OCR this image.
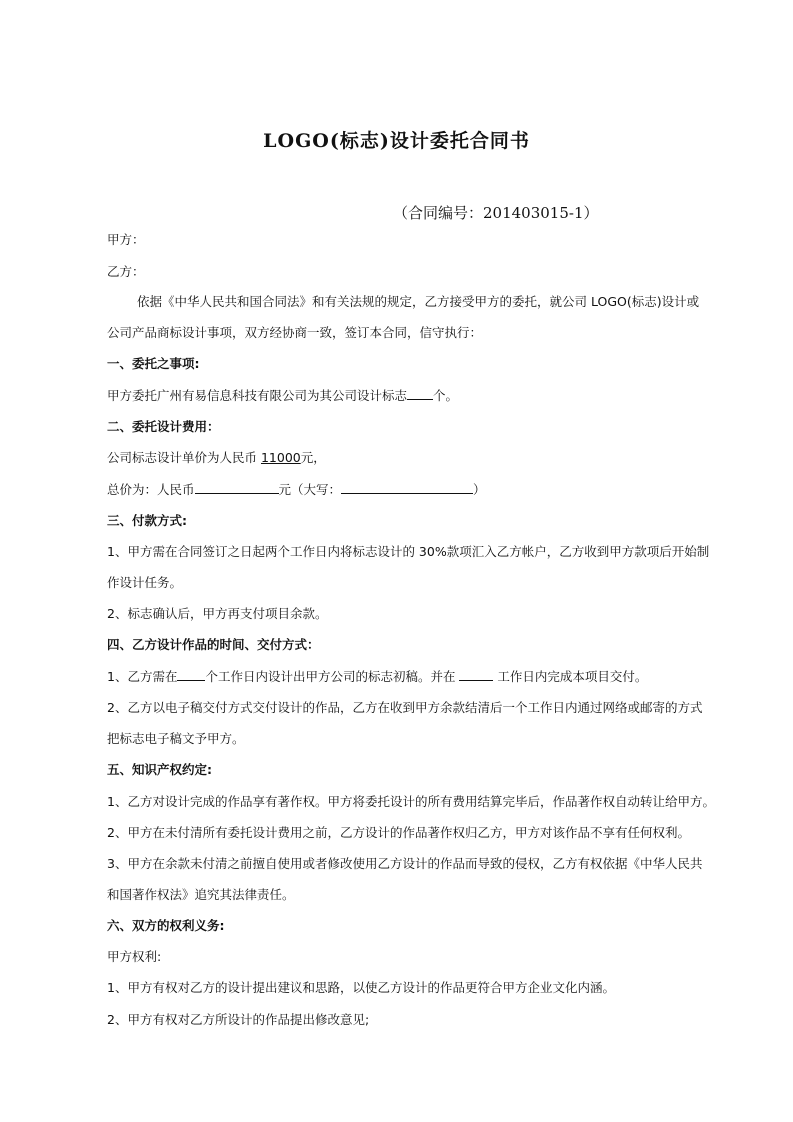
LOGO(标志)设计委托合同书
（合同编号：201403015-1）
甲方：
乙方：
依据《中华人民共和国合同法》和有关法规的规定，乙方接受甲方的委托，就公司 LOGO(标志)设计或
公司产品商标设计事项，双方经协商一致，签订本合同，信守执行：
一、委托之事项:
甲方委托广州有易信息科技有限公司为其公司设计标志 个。
二、委托设计费用：
公司标志设计单价为人民币 11000元，
总价为：人民币	元（大写：	）
三、付款方式:
1、甲方需在合同签订之日起两个工作日内将标志设计的 30%款项汇入乙方帐户，乙方收到甲方款项后开始制
作设计任务。
2、标志确认后，甲方再支付项目余款。
四、乙方设计作品的时间、交付方式：
1、乙方需在 个工作日内设计出甲方公司的标志初稿。并在	工作日内完成本项目交付。
2、乙方以电子稿交付方式交付设计的作品，乙方在收到甲方余款结清后一个工作日内通过网络或邮寄的方式
把标志电子稿文予甲方。
五、知识产权约定:
1、乙方对设计完成的作品享有著作权。甲方将委托设计的所有费用结算完毕后，作品著作权自动转让给甲方。
2、甲方在未付清所有委托设计费用之前，乙方设计的作品著作权归乙方，甲方对该作品不享有任何权利。
3、甲方在余款未付清之前擅自使用或者修改使用乙方设计的作品而导致的侵权，乙方有权依据《中华人民共
和国著作权法》追究其法律责任。
六、双方的权利义务:
甲方权利:
1、甲方有权对乙方的设计提出建议和思路，以使乙方设计的作品更符合甲方企业文化内涵。
2、甲方有权对乙方所设计的作品提出修改意见;
